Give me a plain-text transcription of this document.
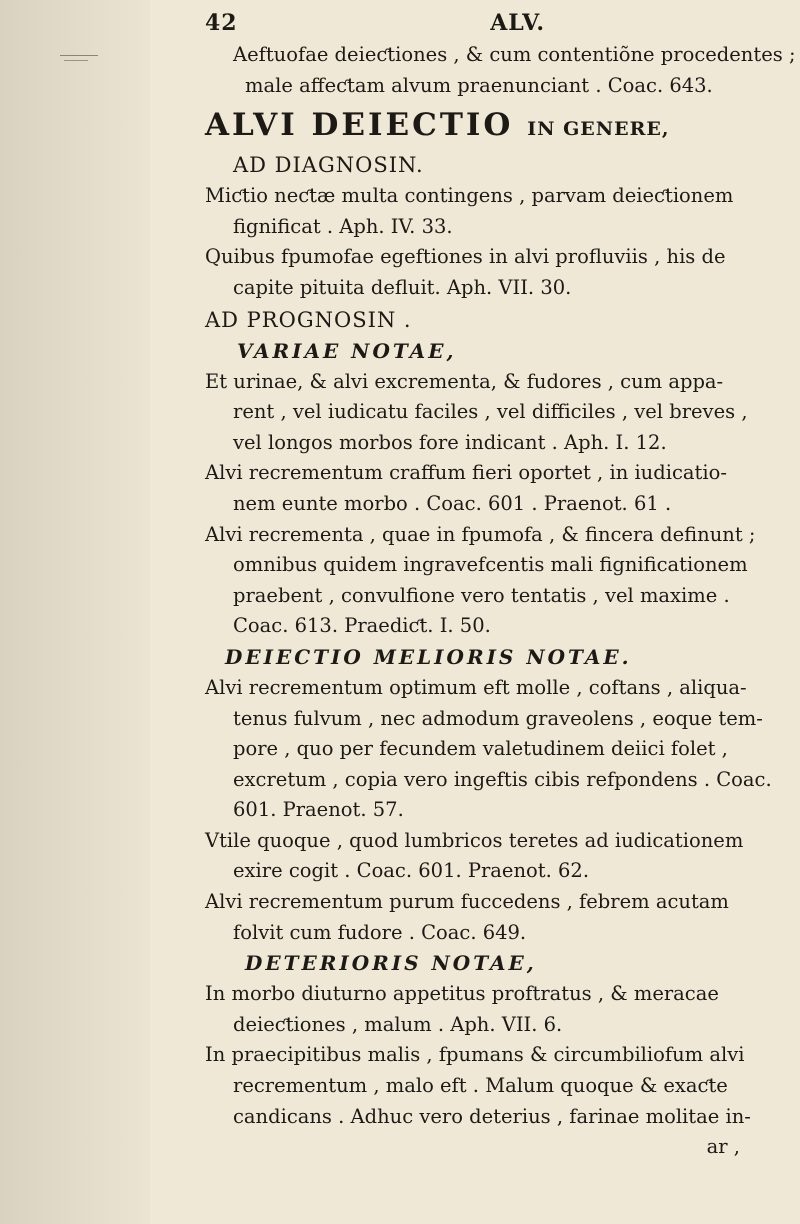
42	ALV.

Aeftuofae deieƈtiones , & cum contentiõne procedentes ;

male affeƈtam alvum praenunciant . Coac. 643.

ALVI DEIECTIO IN GENERE,
AD DIAGNOSIN.

Miƈtio neƈtæ multa contingens , parvam deieƈtionem

fignificat . Aph. IV. 33.

Quibus fpumofae egeftiones in alvi profluviis , his de

capite pituita defluit. Aph. VII. 30.

AD PROGNOSIN .
VARIAE NOTAE,

Et urinae, & alvi excrementa, & fudores , cum appa-

rent , vel iudicatu faciles , vel difficiles , vel breves ,

vel longos morbos fore indicant . Aph. I. 12.

Alvi recrementum craffum fieri oportet , in iudicatio-

nem eunte morbo . Coac. 601 . Praenot. 61 .

Alvi recrementa , quae in fpumofa , & fincera definunt ;

omnibus quidem ingravefcentis mali fignificationem

praebent , convulfione vero tentatis , vel maxime .

Coac. 613. Praediƈt. I. 50.

DEIECTIO MELIORIS NOTAE.

Alvi recrementum optimum eft molle , coftans , aliqua-

tenus fulvum , nec admodum graveolens , eoque tem-

pore , quo per fecundem valetudinem deiici folet ,

excretum , copia vero ingeftis cibis refpondens . Coac.

601. Praenot. 57.

Vtile quoque , quod lumbricos teretes ad iudicationem

exire cogit . Coac. 601. Praenot. 62.

Alvi recrementum purum fuccedens , febrem acutam

folvit cum fudore . Coac. 649.

DETERIORIS NOTAE,

In morbo diuturno appetitus proftratus , & meracae

deieƈtiones , malum . Aph. VII. 6.

In praecipitibus malis , fpumans & circumbiliofum alvi

recrementum , malo eft . Malum quoque & exaƈte

candicans . Adhuc vero deterius , farinae molitae in-

ar ,
